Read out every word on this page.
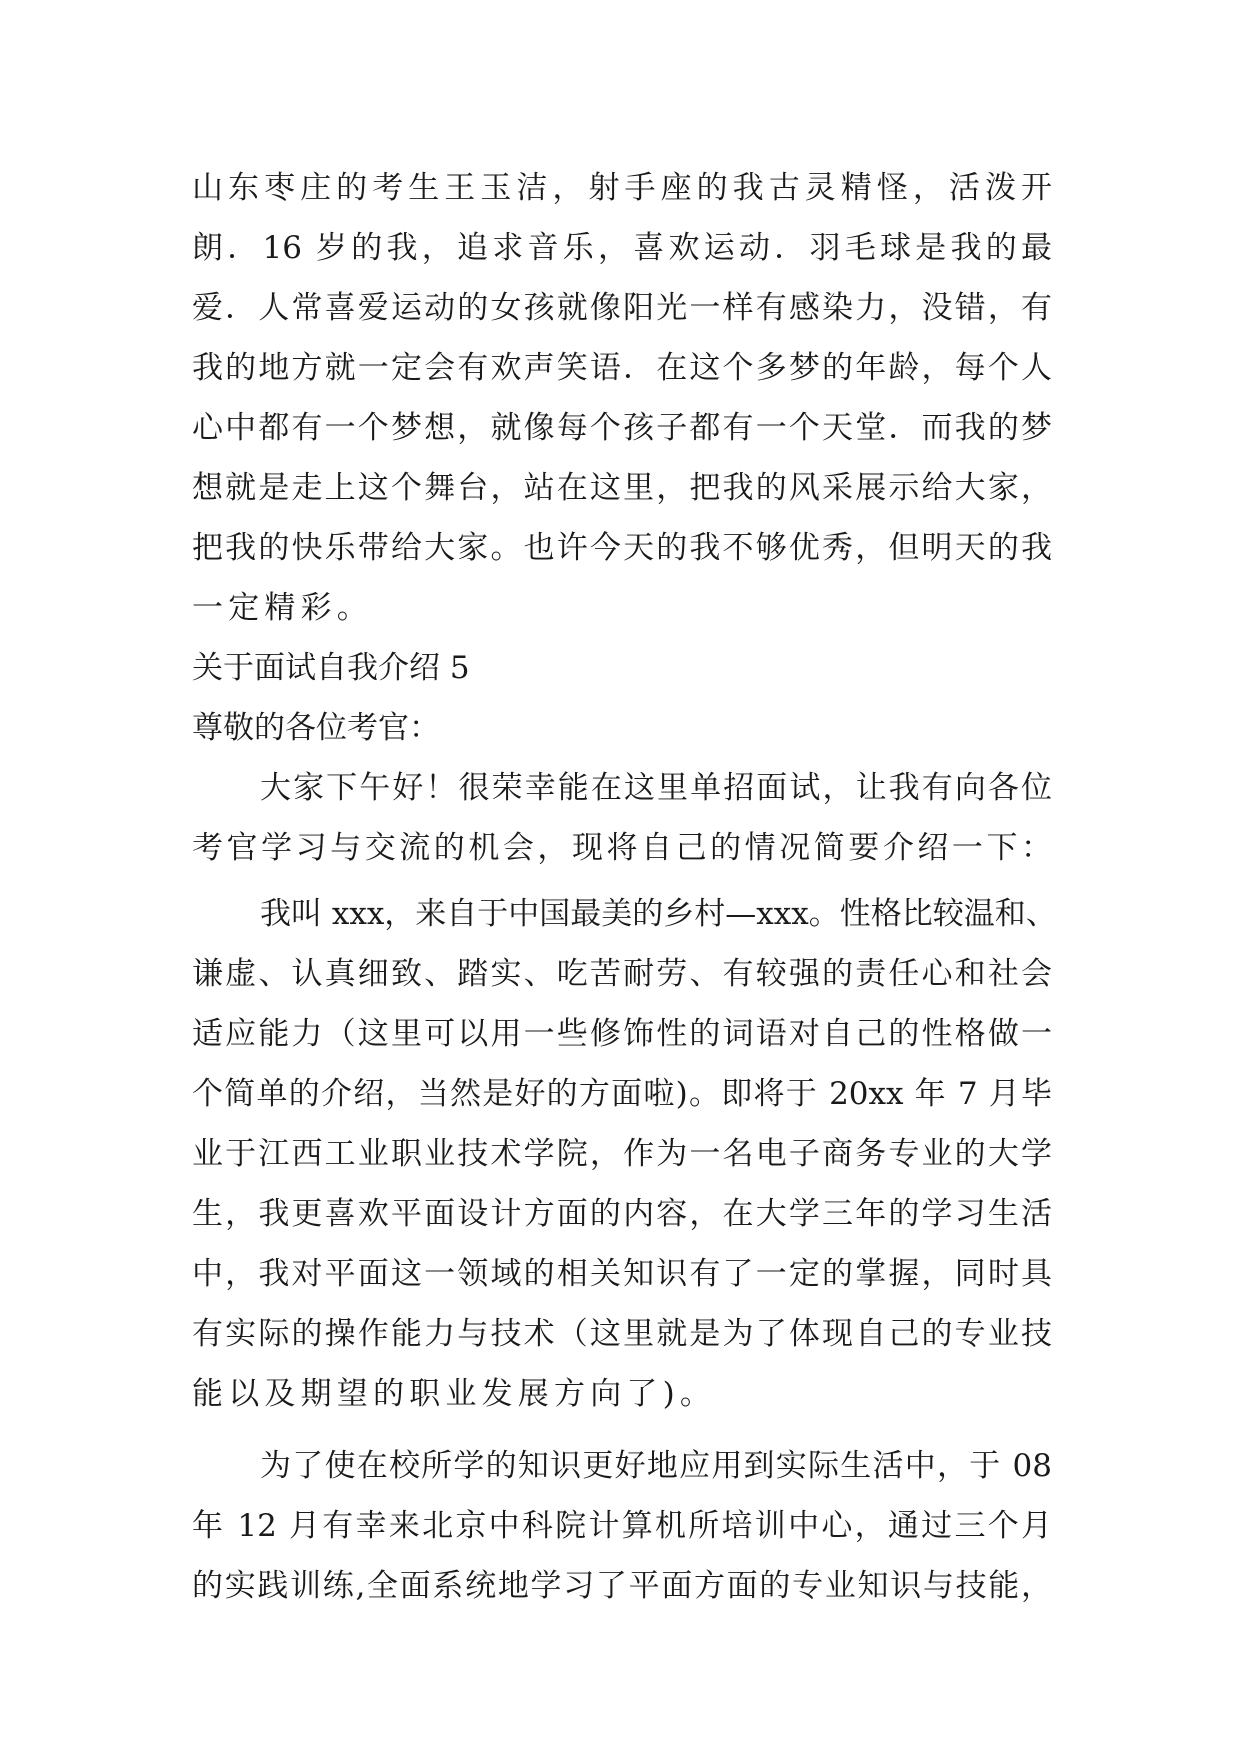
山东枣庄的考生王玉洁，射手座的我古灵精怪，活泼开
朗．16 岁的我，追求音乐，喜欢运动．羽毛球是我的最
爱．人常喜爱运动的女孩就像阳光一样有感染力，没错，有
我的地方就一定会有欢声笑语．在这个多梦的年龄，每个人
心中都有一个梦想，就像每个孩子都有一个天堂．而我的梦
想就是走上这个舞台，站在这里，把我的风采展示给大家，
把我的快乐带给大家。也许今天的我不够优秀，但明天的我
一定精彩。
关于面试自我介绍 5
尊敬的各位考官：
大家下午好！很荣幸能在这里单招面试，让我有向各位
考官学习与交流的机会，现将自己的情况简要介绍一下：
我叫 xxx，来自于中国最美的乡村—xxx。性格比较温和、
谦虚、认真细致、踏实、吃苦耐劳、有较强的责任心和社会
适应能力（这里可以用一些修饰性的词语对自己的性格做一
个简单的介绍，当然是好的方面啦)。即将于 20xx 年 7 月毕
业于江西工业职业技术学院，作为一名电子商务专业的大学
生，我更喜欢平面设计方面的内容，在大学三年的学习生活
中，我对平面这一领域的相关知识有了一定的掌握，同时具
有实际的操作能力与技术（这里就是为了体现自己的专业技
能以及期望的职业发展方向了)。
为了使在校所学的知识更好地应用到实际生活中，于 08
年 12 月有幸来北京中科院计算机所培训中心，通过三个月
的实践训练,全面系统地学习了平面方面的专业知识与技能，
